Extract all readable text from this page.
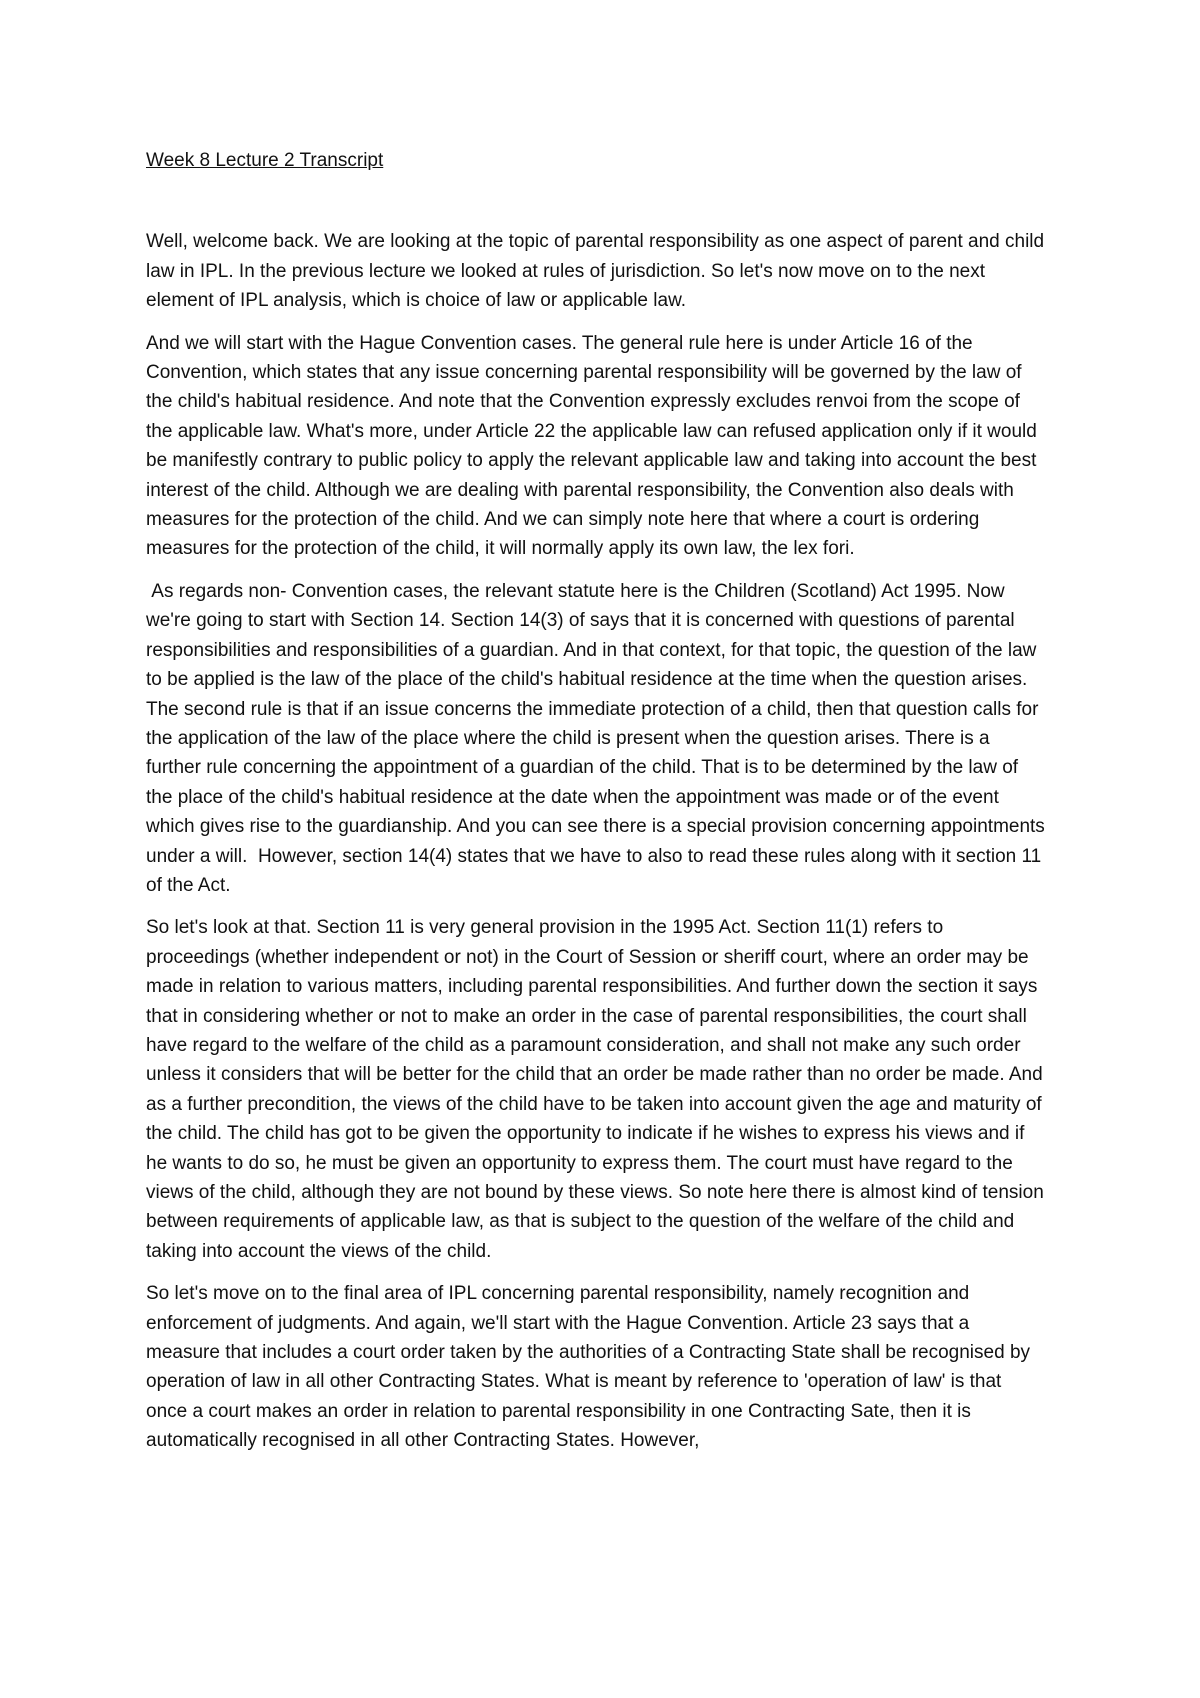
Week 8 Lecture 2 Transcript

Well, welcome back. We are looking at the topic of parental responsibility as one aspect of parent and child law in IPL. In the previous lecture we looked at rules of jurisdiction. So let's now move on to the next element of IPL analysis, which is choice of law or applicable law.

And we will start with the Hague Convention cases. The general rule here is under Article 16 of the Convention, which states that any issue concerning parental responsibility will be governed by the law of the child's habitual residence. And note that the Convention expressly excludes renvoi from the scope of the applicable law. What's more, under Article 22 the applicable law can refused application only if it would be manifestly contrary to public policy to apply the relevant applicable law and taking into account the best interest of the child. Although we are dealing with parental responsibility, the Convention also deals with measures for the protection of the child. And we can simply note here that where a court is ordering measures for the protection of the child, it will normally apply its own law, the lex fori.

As regards non- Convention cases, the relevant statute here is the Children (Scotland) Act 1995. Now we're going to start with Section 14. Section 14(3) of says that it is concerned with questions of parental responsibilities and responsibilities of a guardian. And in that context, for that topic, the question of the law to be applied is the law of the place of the child's habitual residence at the time when the question arises. The second rule is that if an issue concerns the immediate protection of a child, then that question calls for the application of the law of the place where the child is present when the question arises. There is a further rule concerning the appointment of a guardian of the child. That is to be determined by the law of the place of the child's habitual residence at the date when the appointment was made or of the event which gives rise to the guardianship. And you can see there is a special provision concerning appointments under a will.  However, section 14(4) states that we have to also to read these rules along with it section 11 of the Act.

So let's look at that. Section 11 is very general provision in the 1995 Act. Section 11(1) refers to proceedings (whether independent or not) in the Court of Session or sheriff court, where an order may be made in relation to various matters, including parental responsibilities. And further down the section it says that in considering whether or not to make an order in the case of parental responsibilities, the court shall have regard to the welfare of the child as a paramount consideration, and shall not make any such order unless it considers that will be better for the child that an order be made rather than no order be made. And as a further precondition, the views of the child have to be taken into account given the age and maturity of the child. The child has got to be given the opportunity to indicate if he wishes to express his views and if he wants to do so, he must be given an opportunity to express them. The court must have regard to the views of the child, although they are not bound by these views. So note here there is almost kind of tension between requirements of applicable law, as that is subject to the question of the welfare of the child and taking into account the views of the child.

So let's move on to the final area of IPL concerning parental responsibility, namely recognition and enforcement of judgments. And again, we'll start with the Hague Convention. Article 23 says that a measure that includes a court order taken by the authorities of a Contracting State shall be recognised by operation of law in all other Contracting States. What is meant by reference to 'operation of law' is that once a court makes an order in relation to parental responsibility in one Contracting Sate, then it is automatically recognised in all other Contracting States. However,
